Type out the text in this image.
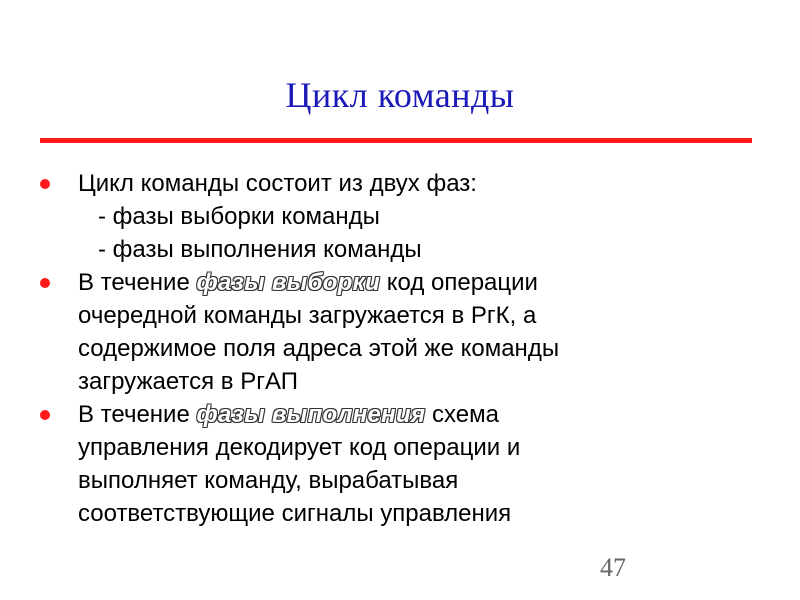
Цикл команды
Цикл команды состоит из двух фаз:
- фазы выборки команды
- фазы выполнения команды
В течение фазы выборки код операции
очередной команды загружается в РгК, а
содержимое поля адреса этой же команды
загружается в РгАП
В течение фазы выполнения схема
управления декодирует код операции и
выполняет команду, вырабатывая
соответствующие сигналы управления
47
